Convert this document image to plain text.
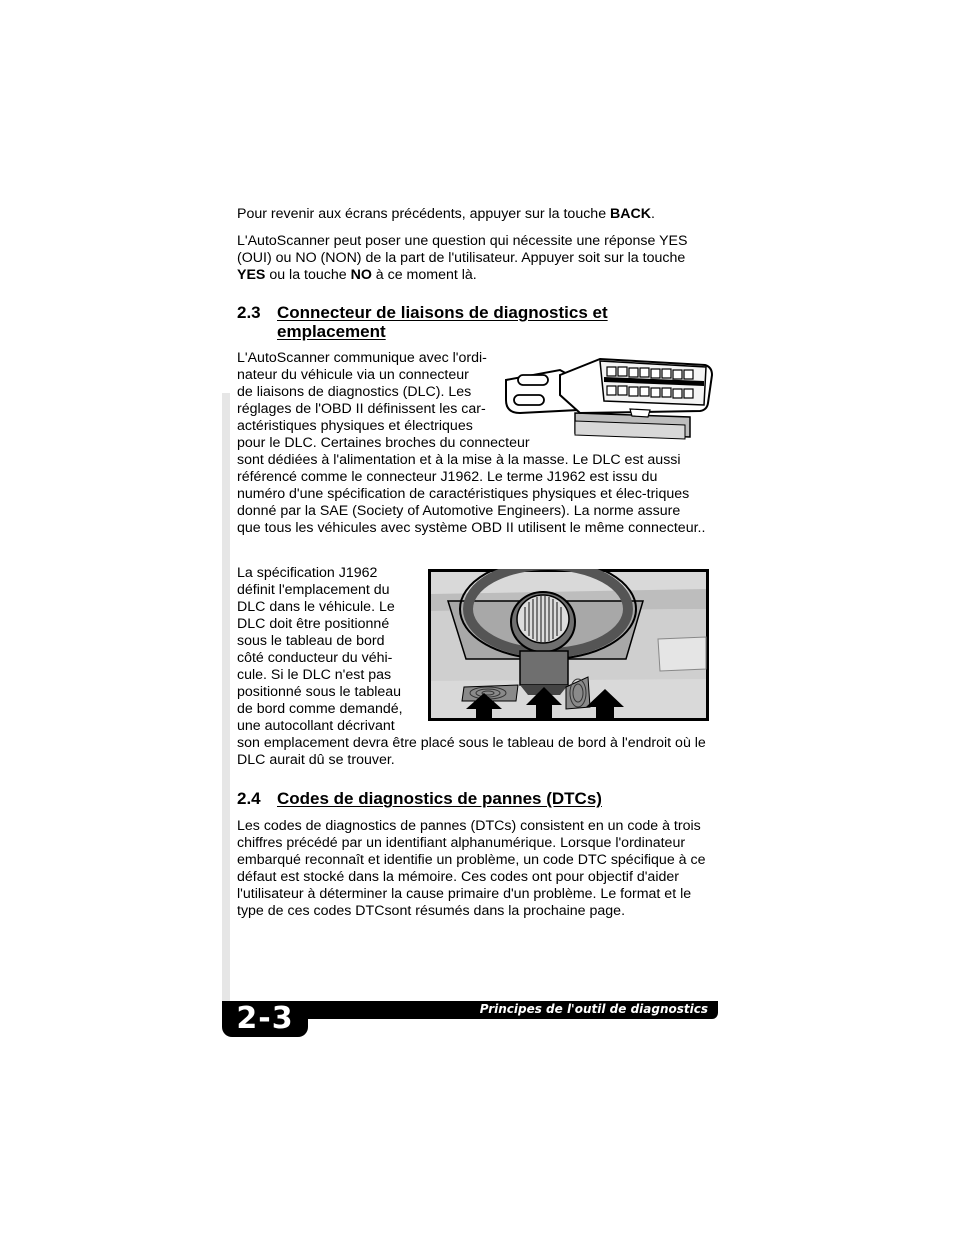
Pour revenir aux écrans précédents, appuyer sur la touche BACK.

L'AutoScanner peut poser une question qui nécessite une réponse YES (OUI) ou NO (NON) de la part de l'utilisateur. Appuyer soit sur la touche YES ou la touche NO à ce moment là.

2.3 Connecteur de liaisons de diagnostics et
emplacement
L'AutoScanner communique avec l'ordi-
nateur du véhicule via un connecteur
de liaisons de diagnostics (DLC). Les
réglages de l'OBD II définissent les car-
actéristiques physiques et électriques
pour le DLC. Certaines broches du connecteur
sont dédiées à l'alimentation et à la mise à la masse. Le DLC est aussi référencé comme le connecteur J1962. Le terme J1962 est issu du numéro d'une spécification de caractéristiques physiques et élec-triques donné par la SAE (Society of Automotive Engineers). La norme assure que tous les véhicules avec système OBD II utilisent le même connecteur..
La spécification J1962
définit l'emplacement du
DLC dans le véhicule. Le
DLC doit être positionné
sous le tableau de bord
côté conducteur du véhi-
cule. Si le DLC n'est pas
positionné sous le tableau
de bord comme demandé,
une autocollant décrivant
son emplacement devra être placé sous le tableau de bord à l'endroit où le DLC aurait dû se trouver.
2.4 Codes de diagnostics de pannes (DTCs)

Les codes de diagnostics de pannes (DTCs) consistent en un code à trois chiffres précédé par un identifiant alphanumérique. Lorsque l'ordinateur embarqué reconnaît et identifie un problème, un code DTC spécifique à ce défaut est stocké dans la mémoire. Ces codes ont pour objectif d'aider l'utilisateur à déterminer la cause primaire d'un problème. Le format et le type de ces codes DTCsont résumés dans la prochaine page.

Principes de l'outil de diagnostics
2-3
